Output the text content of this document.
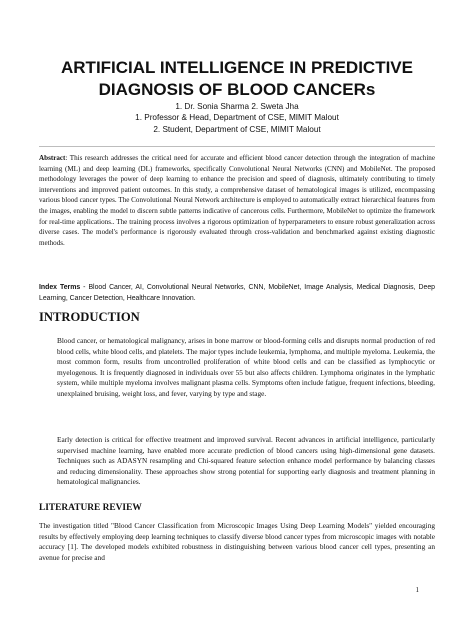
ARTIFICIAL INTELLIGENCE IN PREDICTIVE
DIAGNOSIS OF BLOOD CANCERs

1. Dr. Sonia Sharma 2. Sweta Jha

1. Professor & Head, Department of CSE, MIMIT Malout

2. Student, Department of CSE, MIMIT Malout

Abstract: This research addresses the critical need for accurate and efficient blood cancer detection through the integration of machine learning (ML) and deep learning (DL) frameworks, specifically Convolutional Neural Networks (CNN) and MobileNet. The proposed methodology leverages the power of deep learning to enhance the precision and speed of diagnosis, ultimately contributing to timely interventions and improved patient outcomes. In this study, a comprehensive dataset of hematological images is utilized, encompassing various blood cancer types. The Convolutional Neural Network architecture is employed to automatically extract hierarchical features from the images, enabling the model to discern subtle patterns indicative of cancerous cells. Furthermore, MobileNet to optimize the framework for real-time applications.. The training process involves a rigorous optimization of hyperparameters to ensure robust generalization across diverse cases. The model's performance is rigorously evaluated through cross-validation and benchmarked against existing diagnostic methods.

Index Terms - Blood Cancer, AI, Convolutional Neural Networks, CNN, MobileNet, Image Analysis, Medical Diagnosis, Deep Learning, Cancer Detection, Healthcare Innovation.

INTRODUCTION

Blood cancer, or hematological malignancy, arises in bone marrow or blood-forming cells and disrupts normal production of red blood cells, white blood cells, and platelets. The major types include leukemia, lymphoma, and multiple myeloma. Leukemia, the most common form, results from uncontrolled proliferation of white blood cells and can be classified as lymphocytic or myelogenous. It is frequently diagnosed in individuals over 55 but also affects children. Lymphoma originates in the lymphatic system, while multiple myeloma involves malignant plasma cells. Symptoms often include fatigue, frequent infections, bleeding, unexplained bruising, weight loss, and fever, varying by type and stage.

Early detection is critical for effective treatment and improved survival. Recent advances in artificial intelligence, particularly supervised machine learning, have enabled more accurate prediction of blood cancers using high-dimensional gene datasets. Techniques such as ADASYN resampling and Chi-squared feature selection enhance model performance by balancing classes and reducing dimensionality. These approaches show strong potential for supporting early diagnosis and treatment planning in hematological malignancies.

LITERATURE REVIEW

The investigation titled "Blood Cancer Classification from Microscopic Images Using Deep Learning Models" yielded encouraging results by effectively employing deep learning techniques to classify diverse blood cancer types from microscopic images with notable accuracy [1]. The developed models exhibited robustness in distinguishing between various blood cancer cell types, presenting an avenue for precise and

1
